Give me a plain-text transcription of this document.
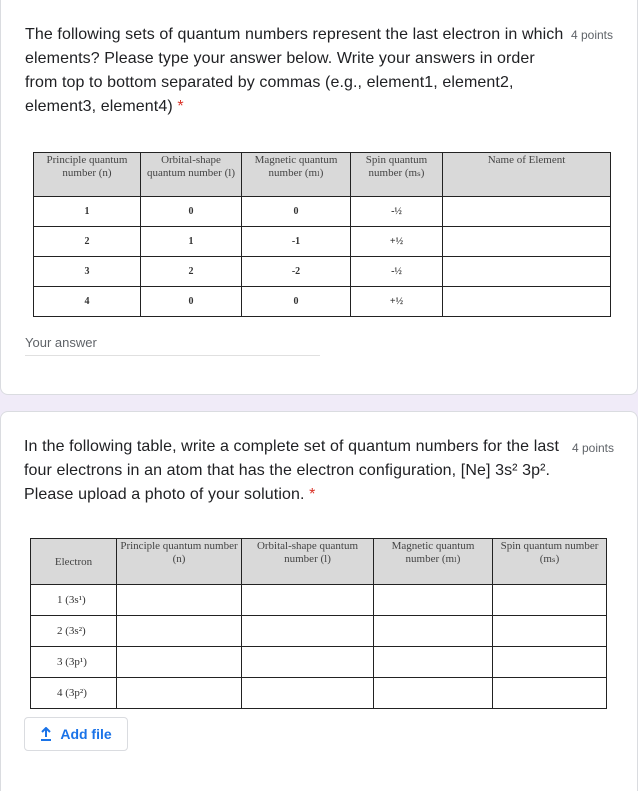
The following sets of quantum numbers represent the last electron in which elements? Please type your answer below. Write your answers in order from top to bottom separated by commas (e.g., element1, element2, element3, element4) *
4 points
Principle quantum number (n)	Orbital-shape quantum number (l)	Magnetic quantum number (mₗ)	Spin quantum number (mₛ)	Name of Element
1	0	0	-½	
2	1	-1	+½	
3	2	-2	-½	
4	0	0	+½	
Your answer
In the following table, write a complete set of quantum numbers for the last four electrons in an atom that has the electron configuration, [Ne] 3s² 3p². Please upload a photo of your solution. *
4 points
Electron	Principle quantum number (n)	Orbital-shape quantum number (l)	Magnetic quantum number (mₗ)	Spin quantum number (mₛ)
1 (3s¹)				
2 (3s²)				
3 (3p¹)				
4 (3p²)				
Add file
